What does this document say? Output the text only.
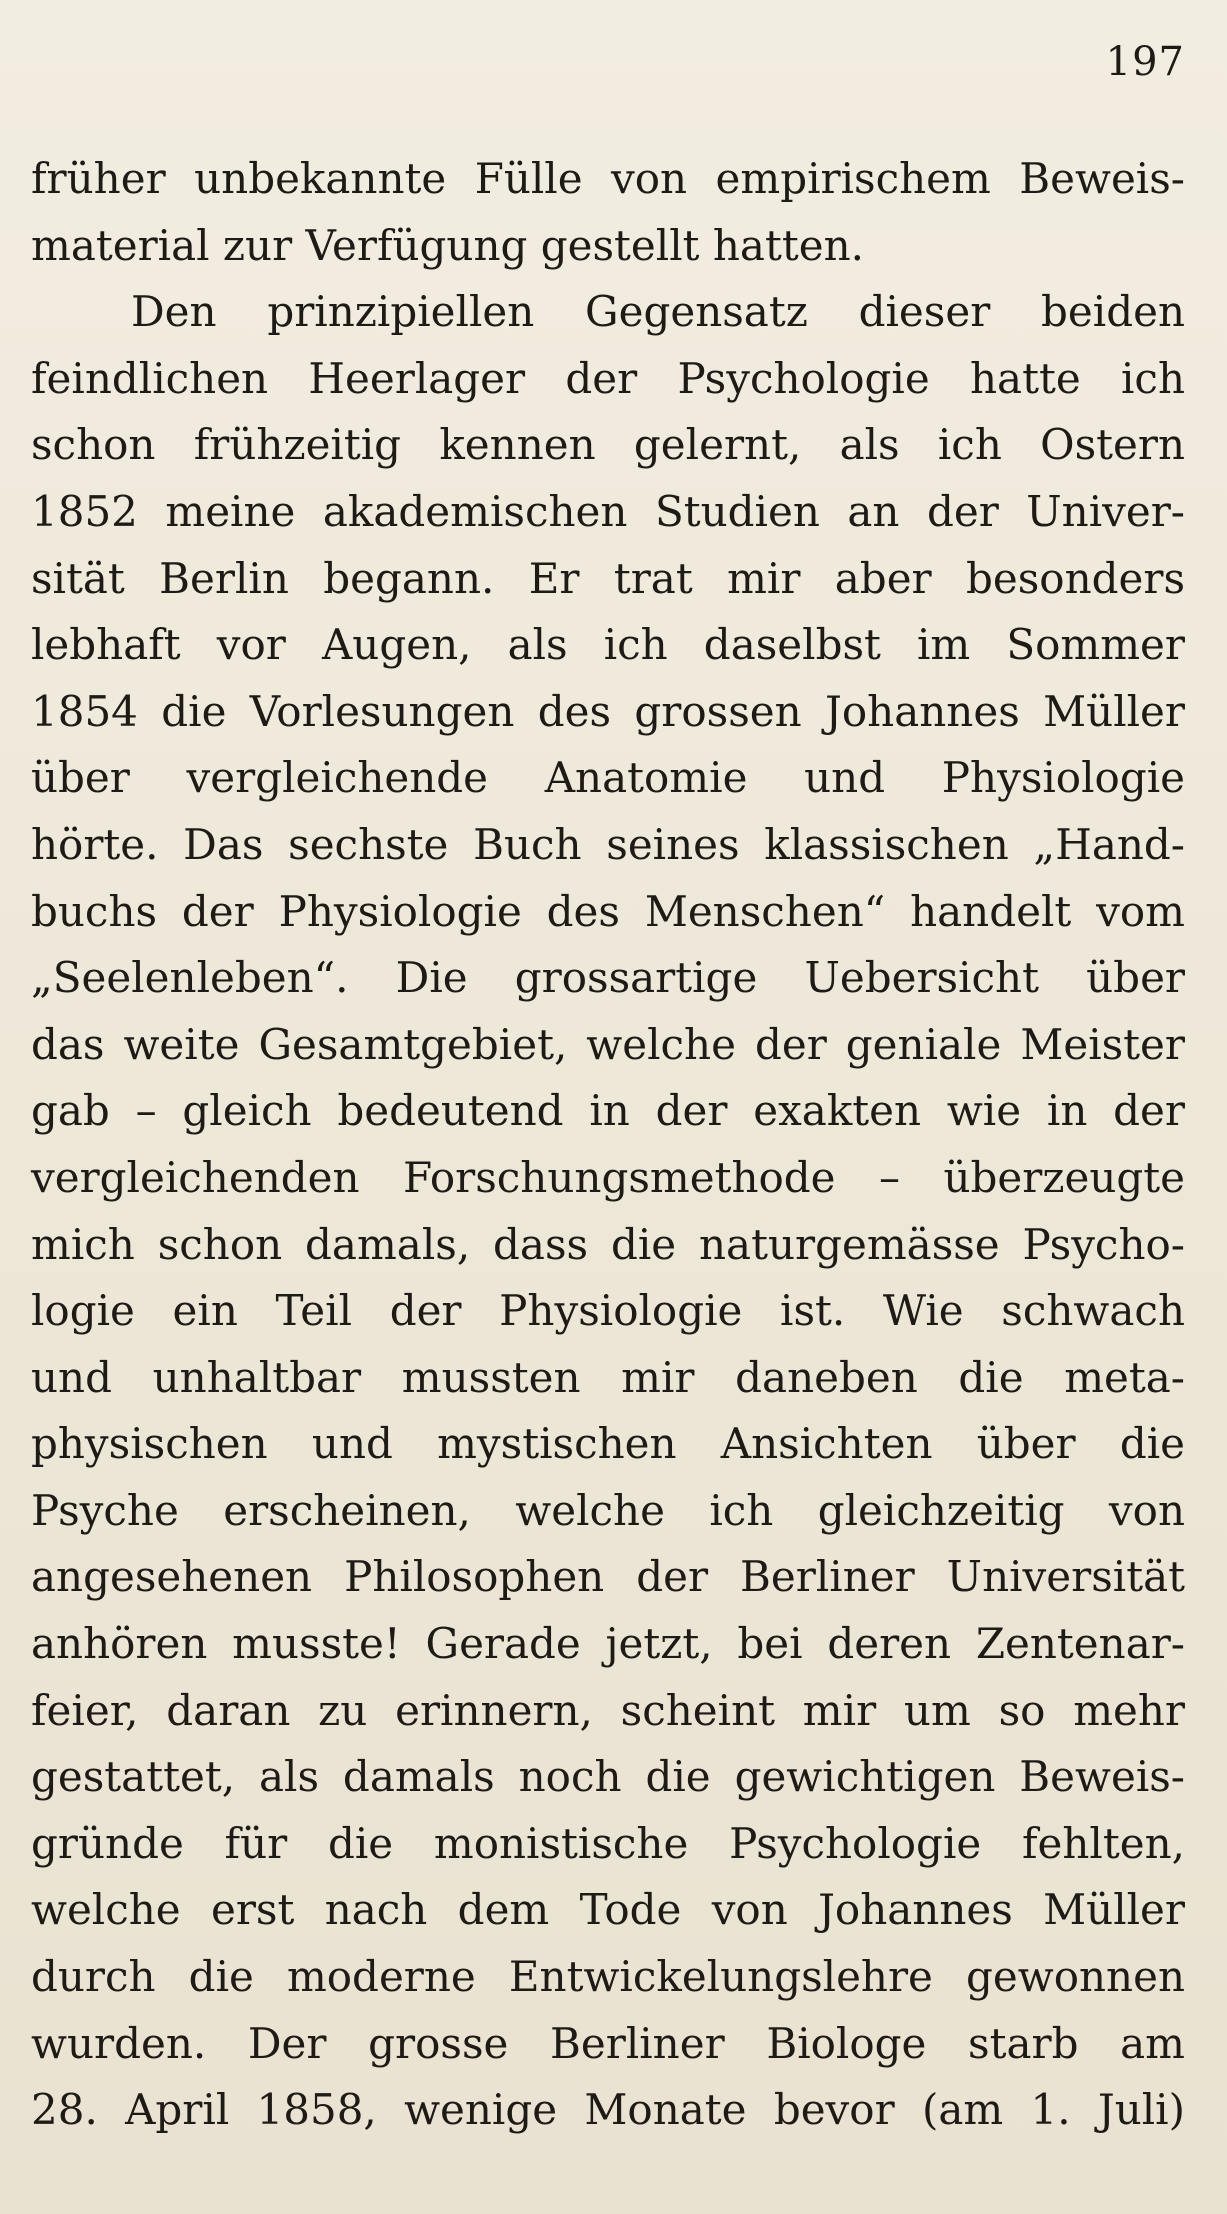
197
früher unbekannte Fülle von empirischem Beweis-
material zur Verfügung gestellt hatten.
Den prinzipiellen Gegensatz dieser beiden
feindlichen Heerlager der Psychologie hatte ich
schon frühzeitig kennen gelernt, als ich Ostern
1852 meine akademischen Studien an der Univer-
sität Berlin begann. Er trat mir aber besonders
lebhaft vor Augen, als ich daselbst im Sommer
1854 die Vorlesungen des grossen Johannes Müller
über vergleichende Anatomie und Physiologie
hörte. Das sechste Buch seines klassischen „Hand-
buchs der Physiologie des Menschen“ handelt vom
„Seelenleben“. Die grossartige Uebersicht über
das weite Gesamtgebiet, welche der geniale Meister
gab – gleich bedeutend in der exakten wie in der
vergleichenden Forschungsmethode – überzeugte
mich schon damals, dass die naturgemässe Psycho-
logie ein Teil der Physiologie ist. Wie schwach
und unhaltbar mussten mir daneben die meta-
physischen und mystischen Ansichten über die
Psyche erscheinen, welche ich gleichzeitig von
angesehenen Philosophen der Berliner Universität
anhören musste! Gerade jetzt, bei deren Zentenar-
feier, daran zu erinnern, scheint mir um so mehr
gestattet, als damals noch die gewichtigen Beweis-
gründe für die monistische Psychologie fehlten,
welche erst nach dem Tode von Johannes Müller
durch die moderne Entwickelungslehre gewonnen
wurden. Der grosse Berliner Biologe starb am
28. April 1858, wenige Monate bevor (am 1. Juli)
